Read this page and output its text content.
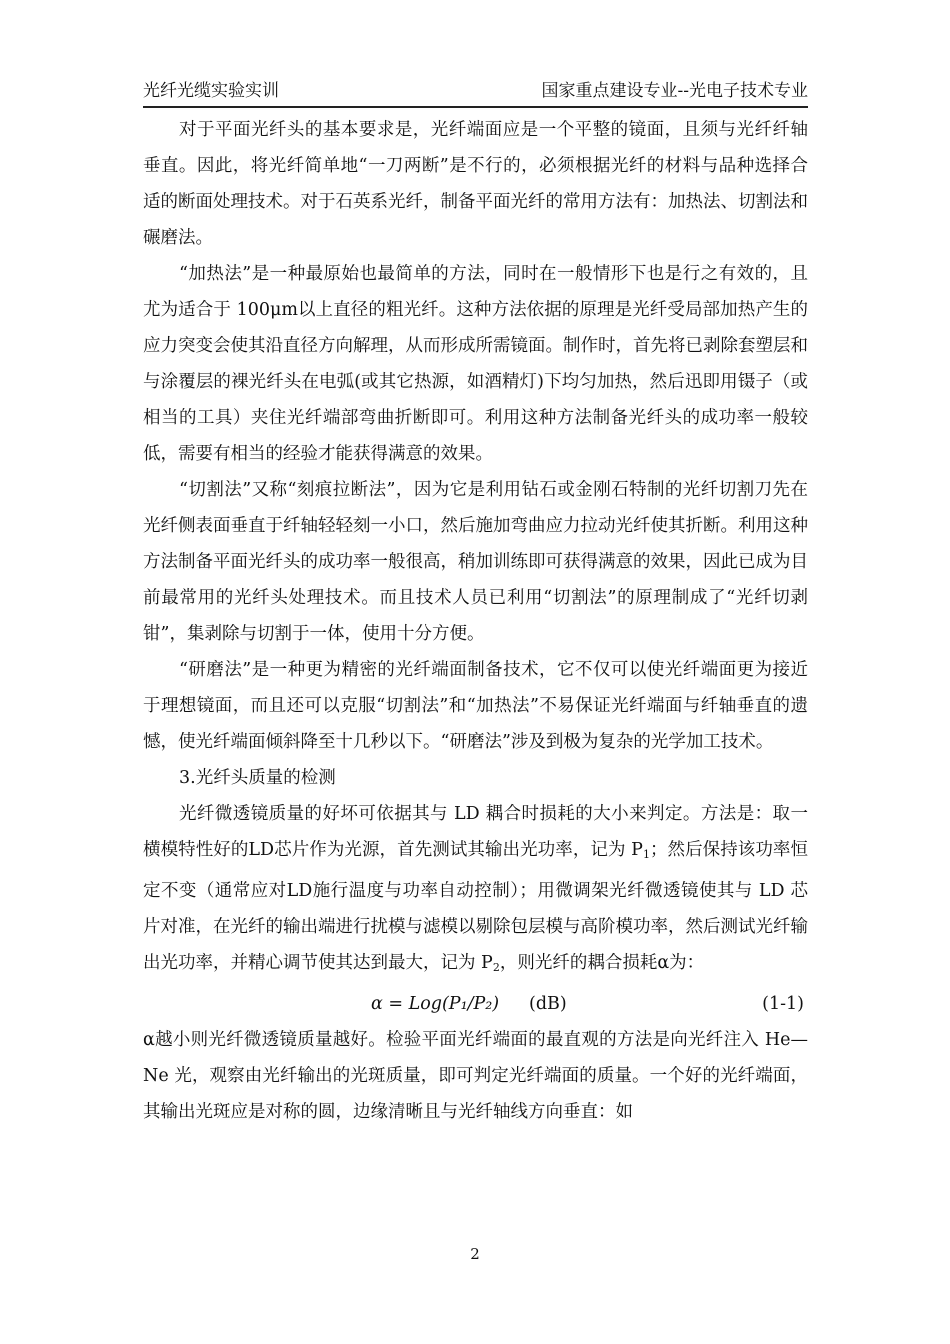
光纤光缆实验实训	国家重点建设专业--光电子技术专业

对于平面光纤头的基本要求是，光纤端面应是一个平整的镜面，且须与光纤纤轴垂直。因此，将光纤简单地“一刀两断”是不行的，必须根据光纤的材料与品种选择合适的断面处理技术。对于石英系光纤，制备平面光纤的常用方法有：加热法、切割法和碾磨法。

“加热法”是一种最原始也最简单的方法，同时在一般情形下也是行之有效的，且尤为适合于 100μm以上直径的粗光纤。这种方法依据的原理是光纤受局部加热产生的应力突变会使其沿直径方向解理，从而形成所需镜面。制作时，首先将已剥除套塑层和与涂覆层的裸光纤头在电弧(或其它热源，如酒精灯)下均匀加热，然后迅即用镊子（或相当的工具）夹住光纤端部弯曲折断即可。利用这种方法制备光纤头的成功率一般较低，需要有相当的经验才能获得满意的效果。

“切割法”又称“刻痕拉断法”，因为它是利用钻石或金刚石特制的光纤切割刀先在光纤侧表面垂直于纤轴轻轻刻一小口，然后施加弯曲应力拉动光纤使其折断。利用这种方法制备平面光纤头的成功率一般很高，稍加训练即可获得满意的效果，因此已成为目前最常用的光纤头处理技术。而且技术人员已利用“切割法”的原理制成了“光纤切剥钳”，集剥除与切割于一体，使用十分方便。

“研磨法”是一种更为精密的光纤端面制备技术，它不仅可以使光纤端面更为接近于理想镜面，而且还可以克服“切割法”和“加热法”不易保证光纤端面与纤轴垂直的遗憾，使光纤端面倾斜降至十几秒以下。“研磨法”涉及到极为复杂的光学加工技术。

3.光纤头质量的检测

光纤微透镜质量的好坏可依据其与 LD 耦合时损耗的大小来判定。方法是：取一横模特性好的LD芯片作为光源，首先测试其输出光功率，记为 $P_1$；然后保持该功率恒定不变（通常应对LD施行温度与功率自动控制）；用微调架光纤微透镜使其与 LD 芯片对准，在光纤的输出端进行扰模与滤模以剔除包层模与高阶模功率，然后测试光纤输出光功率，并精心调节使其达到最大，记为 $P_2$，则光纤的耦合损耗α为：

α = Log(P₁/P₂) (dB)	(1-1)

α越小则光纤微透镜质量越好。检验平面光纤端面的最直观的方法是向光纤注入 He—Ne 光，观察由光纤输出的光斑质量，即可判定光纤端面的质量。一个好的光纤端面，其输出光斑应是对称的圆，边缘清晰且与光纤轴线方向垂直：如

2
